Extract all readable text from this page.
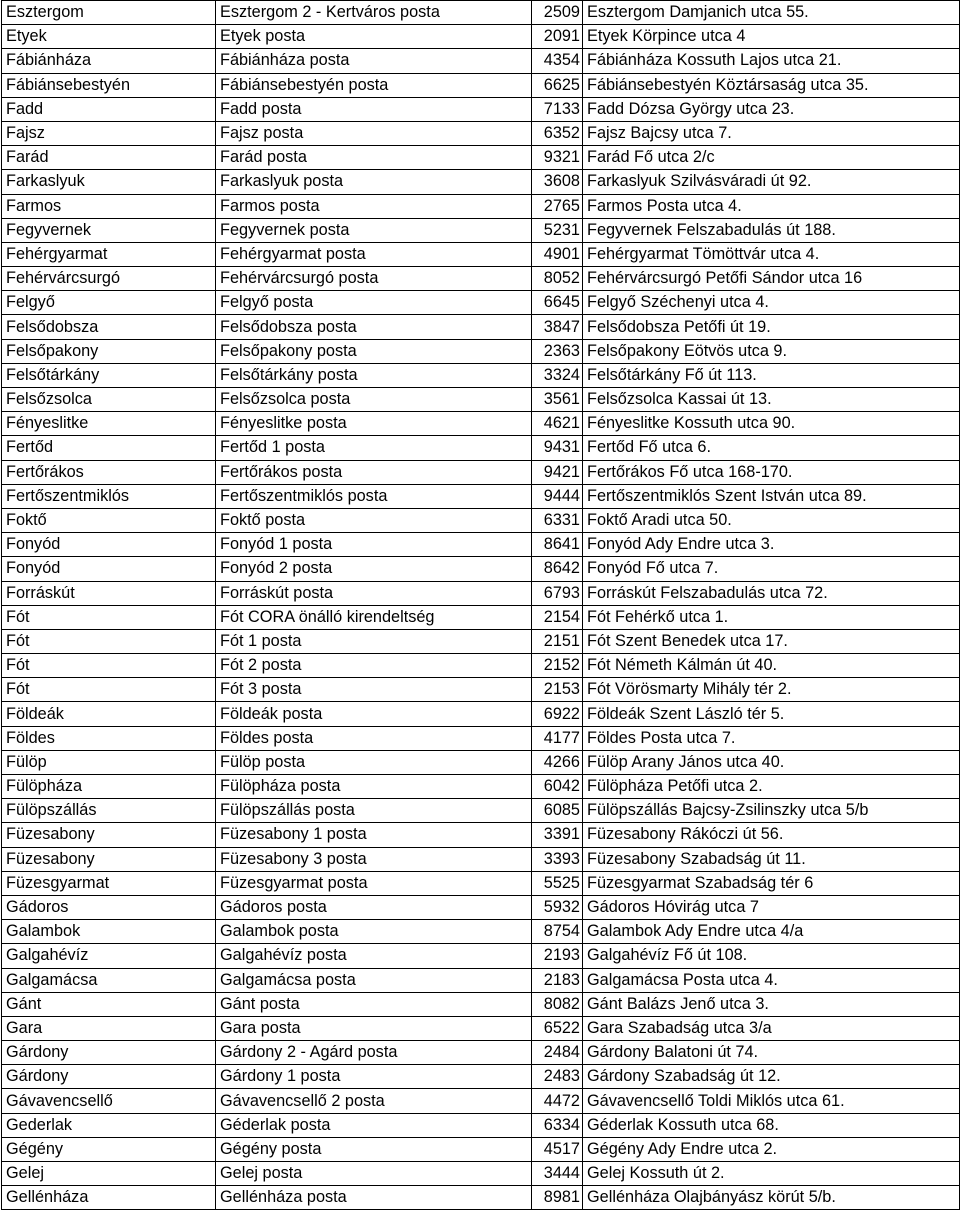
Esztergom	Esztergom 2 - Kertváros posta	2509	Esztergom Damjanich utca 55.
Etyek	Etyek posta	2091	Etyek Körpince utca 4
Fábiánháza	Fábiánháza posta	4354	Fábiánháza Kossuth Lajos utca 21.
Fábiánsebestyén	Fábiánsebestyén posta	6625	Fábiánsebestyén Köztársaság utca 35.
Fadd	Fadd posta	7133	Fadd Dózsa György utca 23.
Fajsz	Fajsz posta	6352	Fajsz Bajcsy utca 7.
Farád	Farád posta	9321	Farád Fő utca 2/c
Farkaslyuk	Farkaslyuk posta	3608	Farkaslyuk Szilvásváradi út 92.
Farmos	Farmos posta	2765	Farmos Posta utca 4.
Fegyvernek	Fegyvernek posta	5231	Fegyvernek Felszabadulás út 188.
Fehérgyarmat	Fehérgyarmat posta	4901	Fehérgyarmat Tömöttvár utca 4.
Fehérvárcsurgó	Fehérvárcsurgó posta	8052	Fehérvárcsurgó Petőfi Sándor utca 16
Felgyő	Felgyő posta	6645	Felgyő Széchenyi utca 4.
Felsődobsza	Felsődobsza posta	3847	Felsődobsza Petőfi út 19.
Felsőpakony	Felsőpakony posta	2363	Felsőpakony Eötvös utca 9.
Felsőtárkány	Felsőtárkány posta	3324	Felsőtárkány Fő út 113.
Felsőzsolca	Felsőzsolca posta	3561	Felsőzsolca Kassai út 13.
Fényeslitke	Fényeslitke posta	4621	Fényeslitke Kossuth utca 90.
Fertőd	Fertőd 1 posta	9431	Fertőd Fő utca 6.
Fertőrákos	Fertőrákos posta	9421	Fertőrákos Fő utca 168-170.
Fertőszentmiklós	Fertőszentmiklós posta	9444	Fertőszentmiklós Szent István utca 89.
Foktő	Foktő posta	6331	Foktő Aradi utca 50.
Fonyód	Fonyód 1 posta	8641	Fonyód Ady Endre utca 3.
Fonyód	Fonyód 2 posta	8642	Fonyód Fő utca 7.
Forráskút	Forráskút posta	6793	Forráskút Felszabadulás utca 72.
Fót	Fót CORA önálló kirendeltség	2154	Fót Fehérkő utca 1.
Fót	Fót 1 posta	2151	Fót Szent Benedek utca 17.
Fót	Fót 2 posta	2152	Fót Németh Kálmán út 40.
Fót	Fót 3 posta	2153	Fót Vörösmarty Mihály tér 2.
Földeák	Földeák posta	6922	Földeák Szent László tér 5.
Földes	Földes posta	4177	Földes Posta utca 7.
Fülöp	Fülöp posta	4266	Fülöp Arany János utca 40.
Fülöpháza	Fülöpháza posta	6042	Fülöpháza Petőfi utca 2.
Fülöpszállás	Fülöpszállás posta	6085	Fülöpszállás Bajcsy-Zsilinszky utca 5/b
Füzesabony	Füzesabony 1 posta	3391	Füzesabony Rákóczi út 56.
Füzesabony	Füzesabony 3 posta	3393	Füzesabony Szabadság út 11.
Füzesgyarmat	Füzesgyarmat posta	5525	Füzesgyarmat Szabadság tér 6
Gádoros	Gádoros posta	5932	Gádoros Hóvirág utca 7
Galambok	Galambok posta	8754	Galambok Ady Endre utca 4/a
Galgahévíz	Galgahévíz posta	2193	Galgahévíz Fő út 108.
Galgamácsa	Galgamácsa posta	2183	Galgamácsa Posta utca 4.
Gánt	Gánt posta	8082	Gánt Balázs Jenő utca 3.
Gara	Gara posta	6522	Gara Szabadság utca 3/a
Gárdony	Gárdony 2 - Agárd posta	2484	Gárdony Balatoni út 74.
Gárdony	Gárdony 1 posta	2483	Gárdony Szabadság út 12.
Gávavencsellő	Gávavencsellő 2 posta	4472	Gávavencsellő Toldi Miklós utca 61.
Gederlak	Géderlak posta	6334	Géderlak Kossuth utca 68.
Gégény	Gégény posta	4517	Gégény Ady Endre utca 2.
Gelej	Gelej posta	3444	Gelej Kossuth út 2.
Gellénháza	Gellénháza posta	8981	Gellénháza Olajbányász körút 5/b.
